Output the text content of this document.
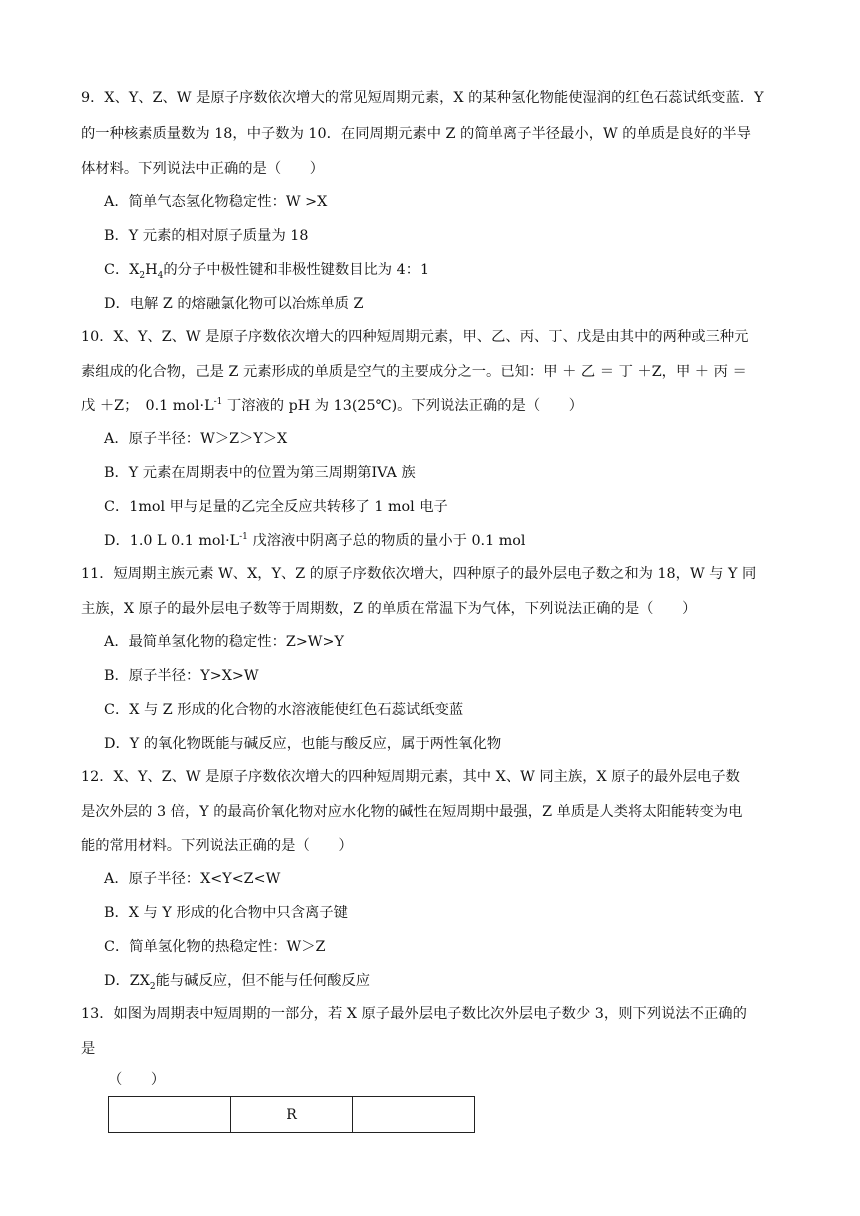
9．X、Y、Z、W 是原子序数依次增大的常见短周期元素，X 的某种氢化物能使湿润的红色石蕊试纸变蓝．Y
的一种核素质量数为 18，中子数为 10．在同周期元素中 Z 的简单离子半径最小，W 的单质是良好的半导
体材料。下列说法中正确的是（　　）
A．简单气态氢化物稳定性：W >X
B．Y 元素的相对原子质量为 18
C．$X_2H_4$的分子中极性键和非极性键数目比为 4：1
D．电解 Z 的熔融氯化物可以冶炼单质 Z
10．X、Y、Z、W 是原子序数依次增大的四种短周期元素，甲、乙、丙、丁、戊是由其中的两种或三种元
素组成的化合物，己是 Z 元素形成的单质是空气的主要成分之一。已知：甲 ＋ 乙 ＝ 丁 ＋Z，甲 ＋ 丙 ＝
戊 ＋Z；　0.1 $mol\cdot L^{-1}$ 丁溶液的 pH 为 13(25℃)。下列说法正确的是（　　）
A．原子半径：W＞Z＞Y＞X
B．Y 元素在周期表中的位置为第三周期第IVA 族
C．1mol 甲与足量的乙完全反应共转移了 1 mol 电子
D．1.0 L 0.1 $mol\cdot L^{-1}$ 戊溶液中阴离子总的物质的量小于 0.1 mol
11．短周期主族元素 W、X，Y、Z 的原子序数依次增大，四种原子的最外层电子数之和为 18，W 与 Y 同
主族，X 原子的最外层电子数等于周期数，Z 的单质在常温下为气体，下列说法正确的是（　　）
A．最简单氢化物的稳定性：Z>W>Y
B．原子半径：Y>X>W
C．X 与 Z 形成的化合物的水溶液能使红色石蕊试纸变蓝
D．Y 的氧化物既能与碱反应，也能与酸反应，属于两性氧化物
12．X、Y、Z、W 是原子序数依次增大的四种短周期元素，其中 X、W 同主族，X 原子的最外层电子数
是次外层的 3 倍，Y 的最高价氧化物对应水化物的碱性在短周期中最强，Z 单质是人类将太阳能转变为电
能的常用材料。下列说法正确的是（　　）
A．原子半径：X<Y<Z<W
B．X 与 Y 形成的化合物中只含离子键
C．简单氢化物的热稳定性：W＞Z
D．$ZX_2$能与碱反应，但不能与任何酸反应
13．如图为周期表中短周期的一部分，若 X 原子最外层电子数比次外层电子数少 3，则下列说法不正确的
是
（　　）
	R	
